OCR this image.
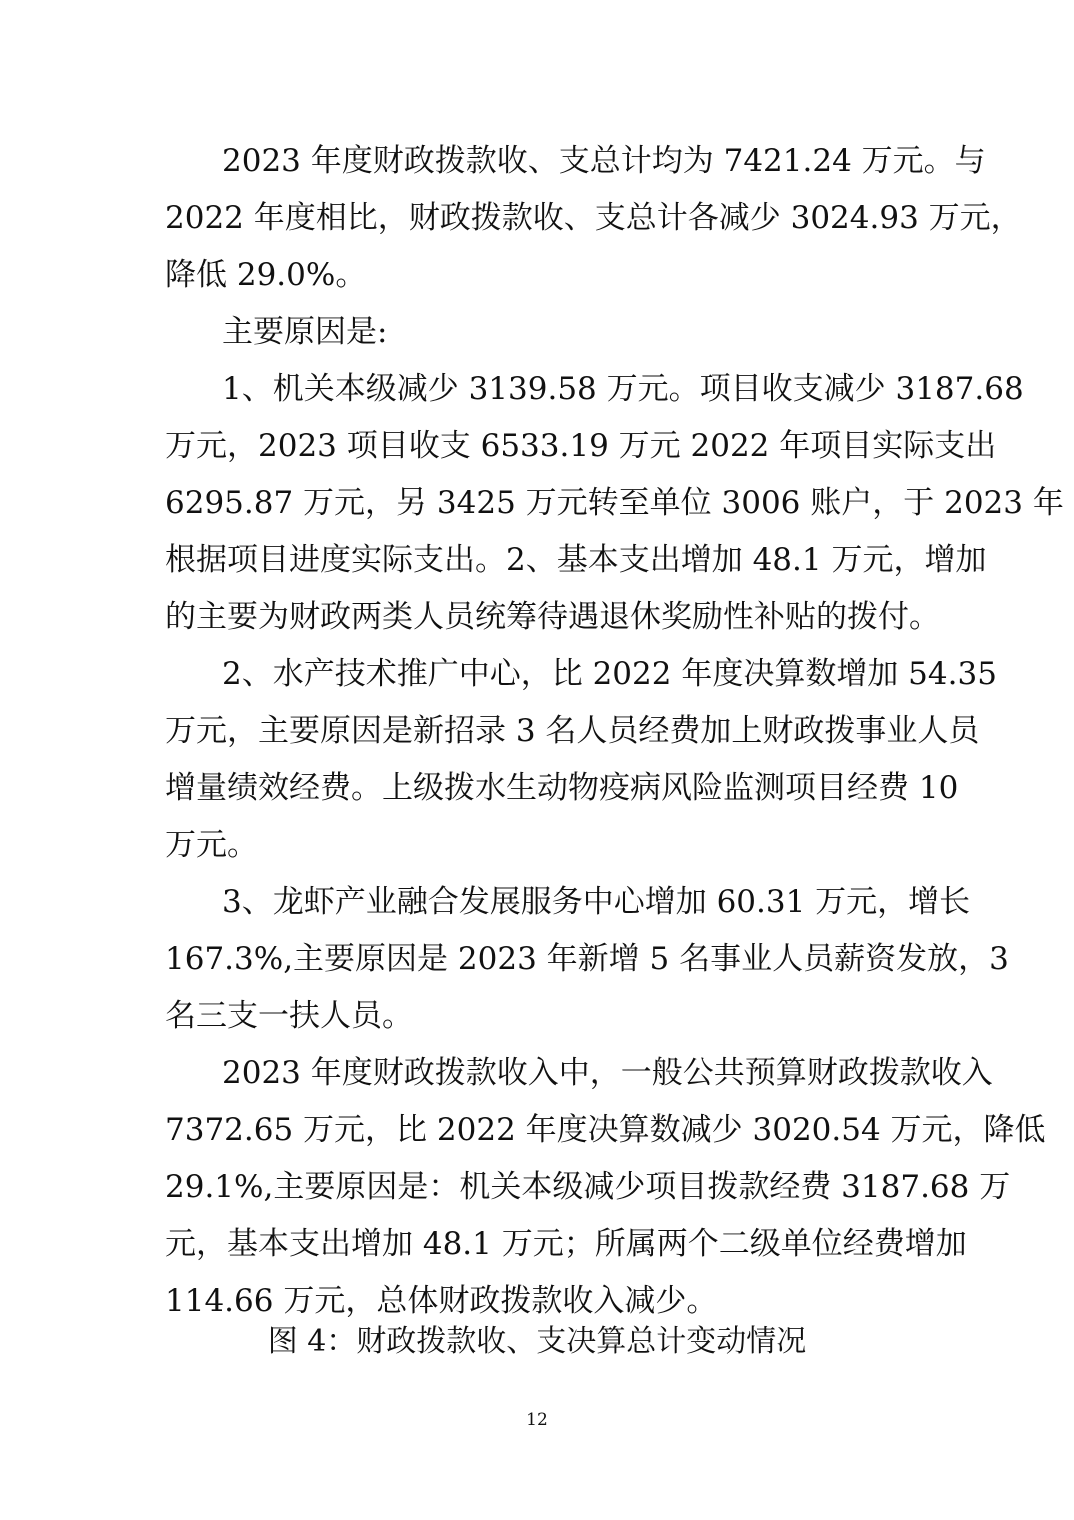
2023 年度财政拨款收、支总计均为 7421.24 万元。与
2022 年度相比，财政拨款收、支总计各减少 3024.93 万元，
降低 29.0%。
主要原因是:
1、机关本级减少 3139.58 万元。项目收支减少 3187.68
万元，2023 项目收支 6533.19 万元 2022 年项目实际支出
6295.87 万元，另 3425 万元转至单位 3006 账户，于 2023 年
根据项目进度实际支出。2、基本支出增加 48.1 万元，增加
的主要为财政两类人员统筹待遇退休奖励性补贴的拨付。
2、水产技术推广中心，比 2022 年度决算数增加 54.35
万元，主要原因是新招录 3 名人员经费加上财政拨事业人员
增量绩效经费。上级拨水生动物疫病风险监测项目经费 10
万元。
3、龙虾产业融合发展服务中心增加 60.31 万元，增长
167.3%,主要原因是 2023 年新增 5 名事业人员薪资发放，3
名三支一扶人员。
2023 年度财政拨款收入中，一般公共预算财政拨款收入
7372.65 万元，比 2022 年度决算数减少 3020.54 万元，降低
29.1%,主要原因是：机关本级减少项目拨款经费 3187.68 万
元，基本支出增加 48.1 万元；所属两个二级单位经费增加
114.66 万元，总体财政拨款收入减少。
图 4：财政拨款收、支决算总计变动情况
12
